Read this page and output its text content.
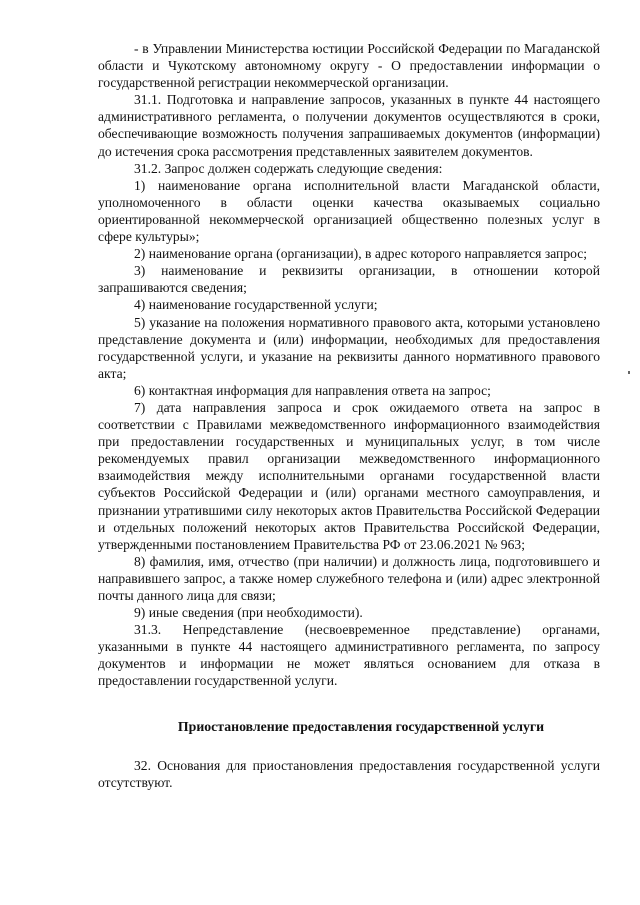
- в Управлении Министерства юстиции Российской Федерации по Магаданской области и Чукотскому автономному округу - О предоставлении информации о государственной регистрации некоммерческой организации.

31.1. Подготовка и направление запросов, указанных в пункте 44 настоящего административного регламента, о получении документов осуществляются в сроки, обеспечивающие возможность получения запрашиваемых документов (информации) до истечения срока рассмотрения представленных заявителем документов.

31.2. Запрос должен содержать следующие сведения:

1) наименование органа исполнительной власти Магаданской области, уполномоченного в области оценки качества оказываемых социально ориентированной некоммерческой организацией общественно полезных услуг в сфере культуры»;

2) наименование органа (организации), в адрес которого направляется запрос;

3) наименование и реквизиты организации, в отношении которой запрашиваются сведения;

4) наименование государственной услуги;

5) указание на положения нормативного правового акта, которыми установлено представление документа и (или) информации, необходимых для предоставления государственной услуги, и указание на реквизиты данного нормативного правового акта;

6) контактная информация для направления ответа на запрос;

7) дата направления запроса и срок ожидаемого ответа на запрос в соответствии с Правилами межведомственного информационного взаимодействия при предоставлении государственных и муниципальных услуг, в том числе рекомендуемых правил организации межведомственного информационного взаимодействия между исполнительными органами государственной власти субъектов Российской Федерации и (или) органами местного самоуправления, и признании утратившими силу некоторых актов Правительства Российской Федерации и отдельных положений некоторых актов Правительства Российской Федерации, утвержденными постановлением Правительства РФ от 23.06.2021 № 963;

8) фамилия, имя, отчество (при наличии) и должность лица, подготовившего и направившего запрос, а также номер служебного телефона и (или) адрес электронной почты данного лица для связи;

9) иные сведения (при необходимости).

31.3. Непредставление (несвоевременное представление) органами, указанными в пункте 44 настоящего административного регламента, по запросу документов и информации не может являться основанием для отказа в предоставлении государственной услуги.

Приостановление предоставления государственной услуги

32. Основания для приостановления предоставления государственной услуги отсутствуют.
